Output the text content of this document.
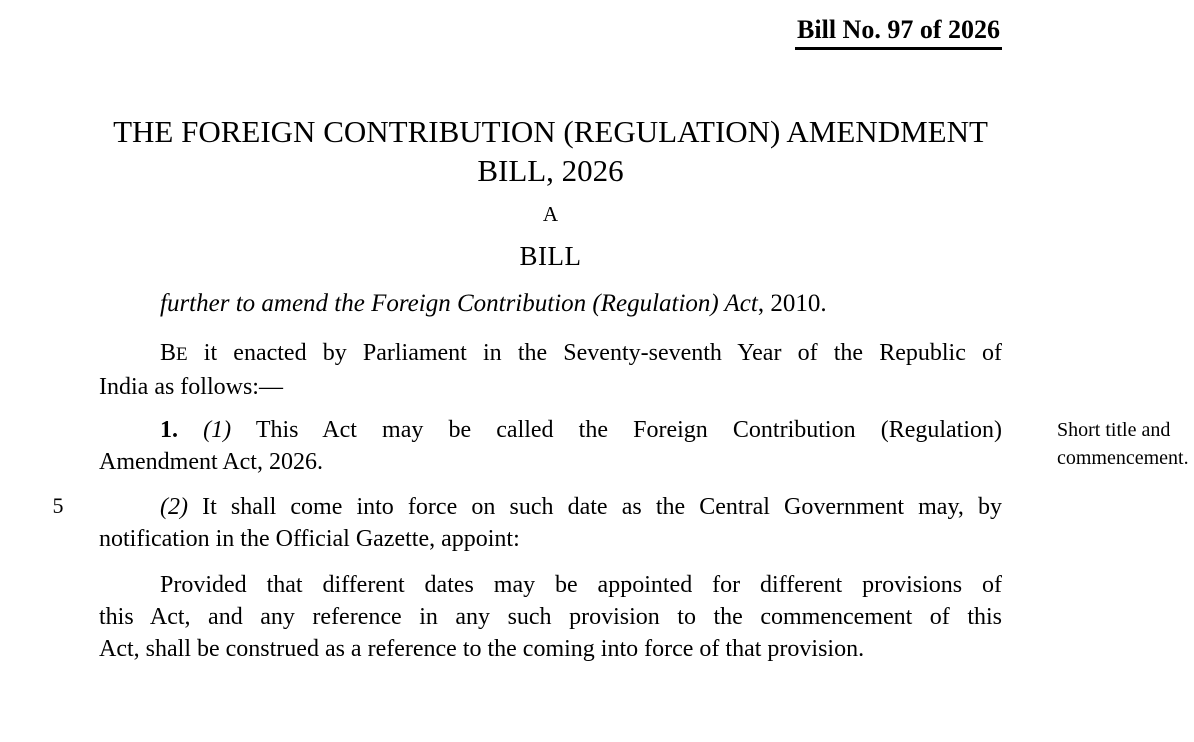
Bill No. 97 of 2026
THE FOREIGN CONTRIBUTION (REGULATION) AMENDMENT
BILL, 2026
A
BILL
further to amend the Foreign Contribution (Regulation) Act, 2010.
BE it enacted by Parliament in the Seventy-seventh Year of the Republic of
India as follows:—
1. (1) This Act may be called the Foreign Contribution (Regulation)
Amendment Act, 2026.
(2) It shall come into force on such date as the Central Government may, by
notification in the Official Gazette, appoint:
Provided that different dates may be appointed for different provisions of
this Act, and any reference in any such provision to the commencement of this
Act, shall be construed as a reference to the coming into force of that provision.
Short title and
commencement.
5
